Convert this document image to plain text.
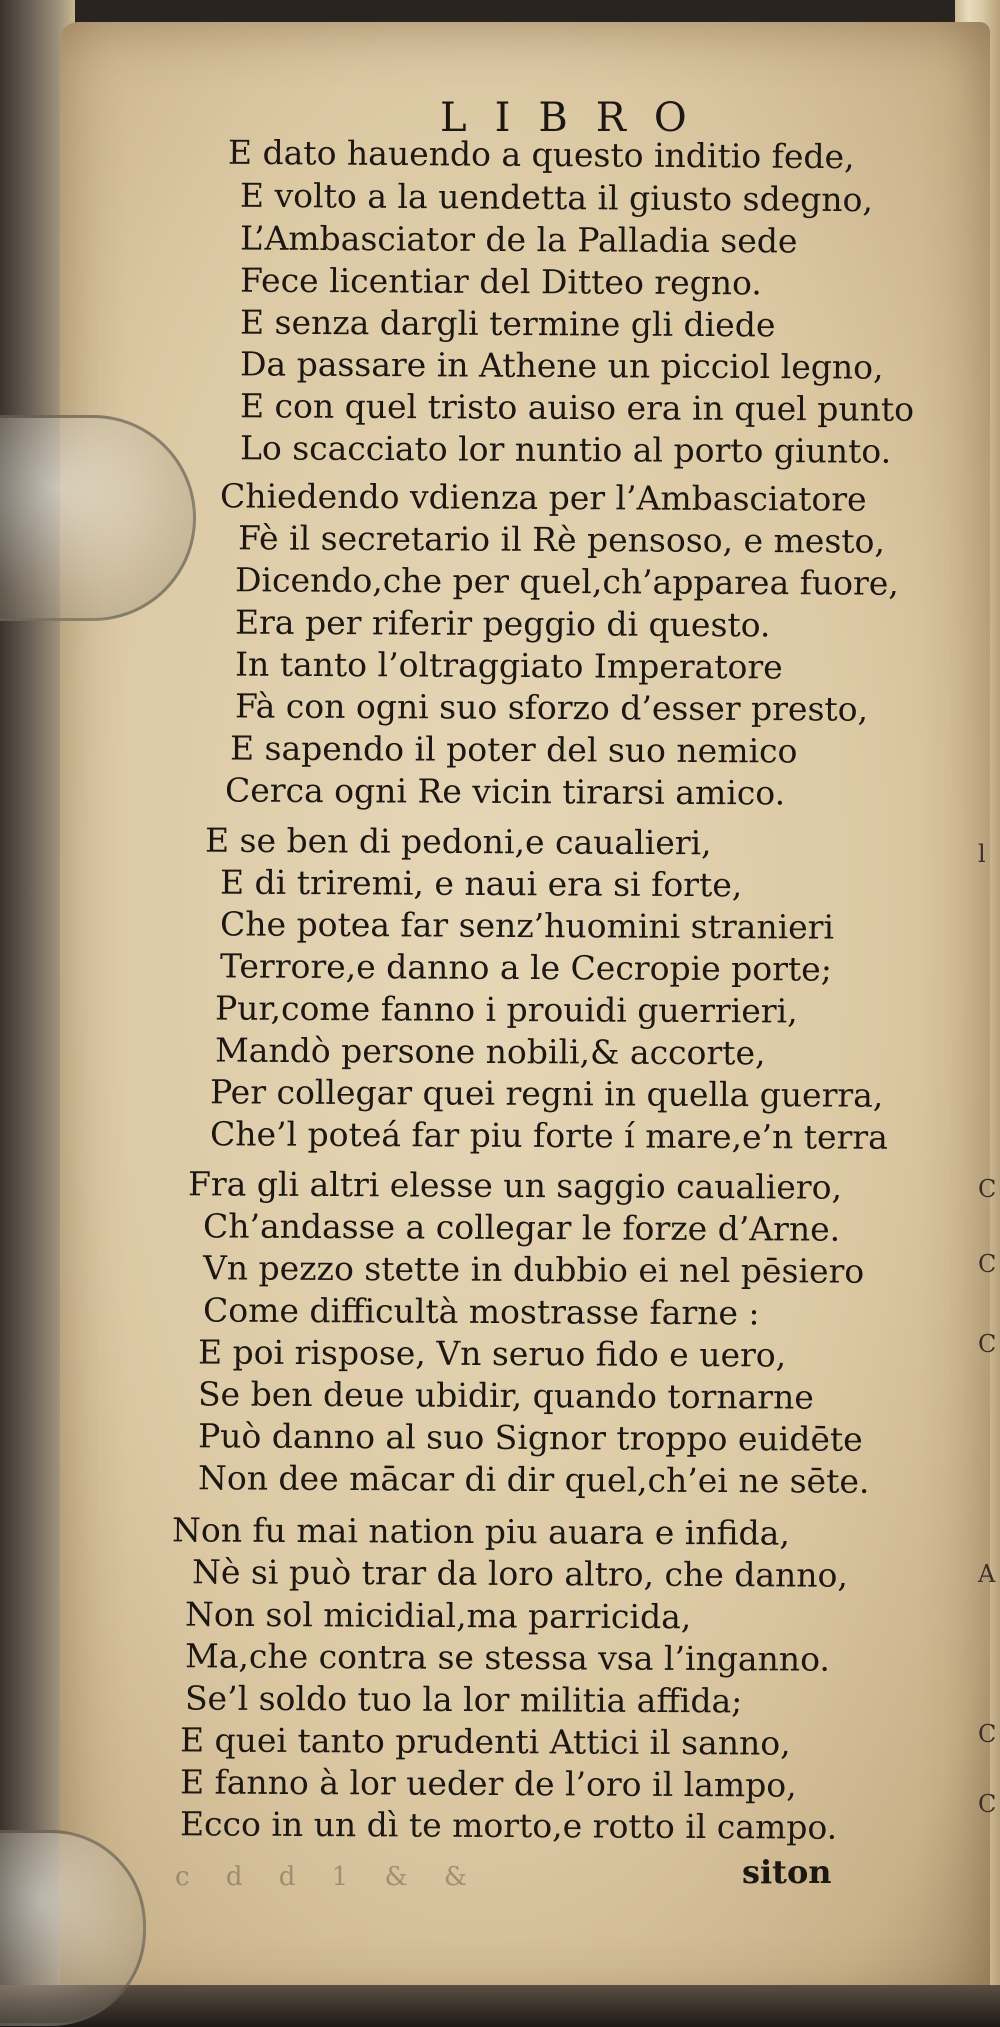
l
C
C
C
A
C
C
LIBRO
E dato hauendo a questo inditio fede,
E volto a la uendetta il giusto sdegno,
L’Ambasciator de la Palladia sede
Fece licentiar del Ditteo regno.
E senza dargli termine gli diede
Da passare in Athene un picciol legno,
E con quel tristo auiso era in quel punto
Lo scacciato lor nuntio al porto giunto.
Chiedendo vdienza per l’Ambasciatore
Fè il secretario il Rè pensoso, e mesto,
Dicendo,che per quel,ch’apparea fuore,
Era per riferir peggio di questo.
In tanto l’oltraggiato Imperatore
Fà con ogni suo sforzo d’esser presto,
E sapendo il poter del suo nemico
Cerca ogni Re vicin tirarsi amico.
E se ben di pedoni,e caualieri,
E di triremi, e naui era si forte,
Che potea far senz’huomini stranieri
Terrore,e danno a le Cecropie porte;
Pur,come fanno i prouidi guerrieri,
Mandò persone nobili,& accorte,
Per collegar quei regni in quella guerra,
Che’l poteá far piu forte í mare,e’n terra
Fra gli altri elesse un saggio caualiero,
Ch’andasse a collegar le forze d’Arne.
Vn pezzo stette in dubbio ei nel pēsiero
Come difficultà mostrasse farne :
E poi rispose, Vn seruo fido e uero,
Se ben deue ubidir, quando tornarne
Può danno al suo Signor troppo euidēte
Non dee mācar di dir quel,ch’ei ne sēte.
Non fu mai nation piu auara e infida,
Nè si può trar da loro altro, che danno,
Non sol micidial,ma parricida,
Ma,che contra se stessa vsa l’inganno.
Se’l soldo tuo la lor militia affida;
E quei tanto prudenti Attici il sanno,
E fanno à lor ueder de l’oro il lampo,
Ecco in un dì te morto,e rotto il campo.
c d d 1 & &	siton
